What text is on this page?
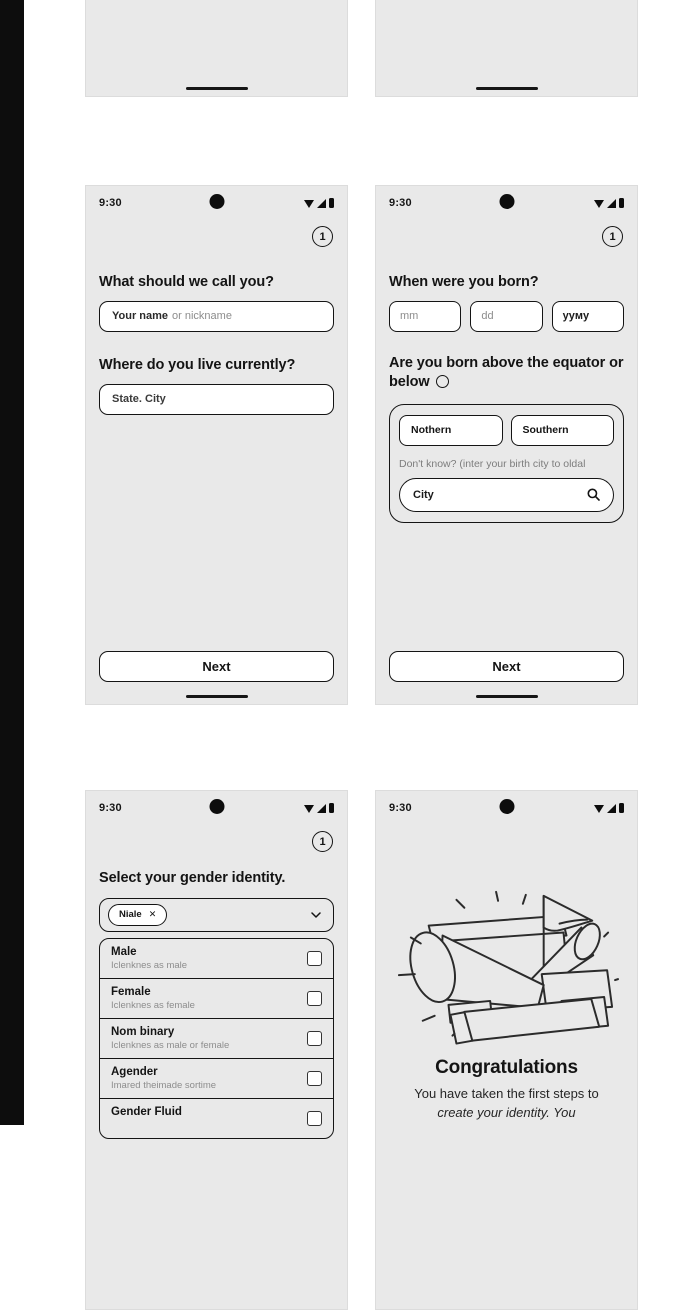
9:30
1
What should we call you?
Your name or nickname
Where do you live currently?
State. City
Next
9:30
1
When were you born?
mm	dd	yyмy
Are you born above the equator or below
Nothern	Southern
Don't know? (inter your birth city to oldal
City
Next
9:30
1
Select your gender identity.
Niale ✕
Male
Iclenknes as male
Female
Iclenknes as female
Nom binary
Iclenknes as male or female
Agender
Imared theimade sortime
Gender Fluid
9:30
Congratulations
You have taken the first steps to
create your identity. You
